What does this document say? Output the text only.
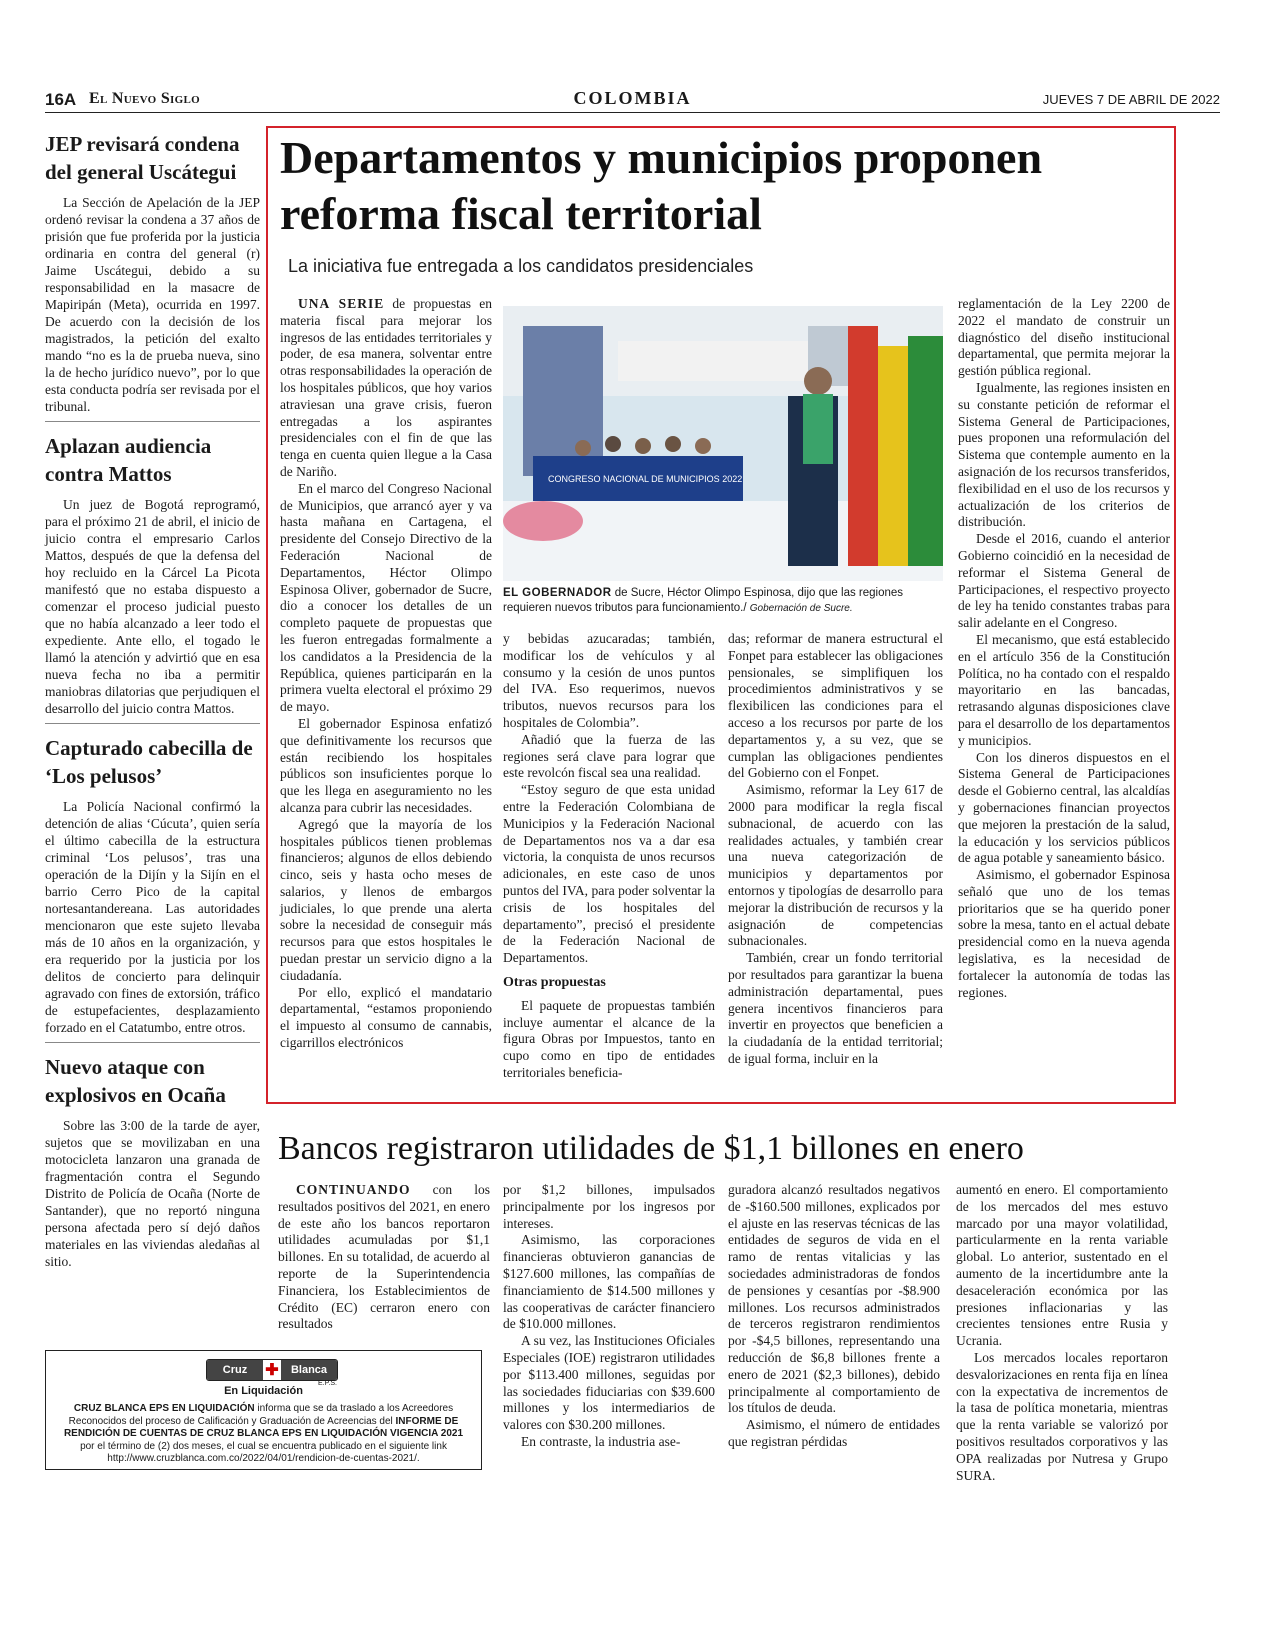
16A El Nuevo Siglo	COLOMBIA	JUEVES 7 DE ABRIL DE 2022
JEP revisará condena del general Uscátegui

La Sección de Apelación de la JEP ordenó revisar la condena a 37 años de prisión que fue proferida por la justicia ordinaria en contra del general (r) Jaime Uscátegui, debido a su responsabilidad en la masacre de Mapiripán (Meta), ocurrida en 1997. De acuerdo con la decisión de los magistrados, la petición del exalto mando “no es la de prueba nueva, sino la de hecho jurídico nuevo”, por lo que esta conducta podría ser revisada por el tribunal.

Aplazan audiencia contra Mattos

Un juez de Bogotá reprogramó, para el próximo 21 de abril, el inicio de juicio contra el empresario Carlos Mattos, después de que la defensa del hoy recluido en la Cárcel La Picota manifestó que no estaba dispuesto a comenzar el proceso judicial puesto que no había alcanzado a leer todo el expediente. Ante ello, el togado le llamó la atención y advirtió que en esa nueva fecha no iba a permitir maniobras dilatorias que perjudiquen el desarrollo del juicio contra Mattos.

Capturado cabecilla de ‘Los pelusos’

La Policía Nacional confirmó la detención de alias ‘Cúcuta’, quien sería el último cabecilla de la estructura criminal ‘Los pelusos’, tras una operación de la Dijín y la Sijín en el barrio Cerro Pico de la capital nortesantandereana. Las autoridades mencionaron que este sujeto llevaba más de 10 años en la organización, y era requerido por la justicia por los delitos de concierto para delinquir agravado con fines de extorsión, tráfico de estupefacientes, desplazamiento forzado en el Catatumbo, entre otros.

Nuevo ataque con explosivos en Ocaña

Sobre las 3:00 de la tarde de ayer, sujetos que se movilizaban en una motocicleta lanzaron una granada de fragmentación contra el Segundo Distrito de Policía de Ocaña (Norte de Santander), que no reportó ninguna persona afectada pero sí dejó daños materiales en las viviendas aledañas al sitio.

Departamentos y municipios proponen reforma fiscal territorial

La iniciativa fue entregada a los candidatos presidenciales

UNA SERIE de propuestas en materia fiscal para mejorar los ingresos de las entidades territoriales y poder, de esa manera, solventar entre otras responsabilidades la operación de los hospitales públicos, que hoy varios atraviesan una grave crisis, fueron entregadas a los aspirantes presidenciales con el fin de que las tenga en cuenta quien llegue a la Casa de Nariño.

En el marco del Congreso Nacional de Municipios, que arrancó ayer y va hasta mañana en Cartagena, el presidente del Consejo Directivo de la Federación Nacional de Departamentos, Héctor Olimpo Espinosa Oliver, gobernador de Sucre, dio a conocer los detalles de un completo paquete de propuestas que les fueron entregadas formalmente a los candidatos a la Presidencia de la República, quienes participarán en la primera vuelta electoral el próximo 29 de mayo.

El gobernador Espinosa enfatizó que definitivamente los recursos que están recibiendo los hospitales públicos son insuficientes porque lo que les llega en aseguramiento no les alcanza para cubrir las necesidades.

Agregó que la mayoría de los hospitales públicos tienen problemas financieros; algunos de ellos debiendo cinco, seis y hasta ocho meses de salarios, y llenos de embargos judiciales, lo que prende una alerta sobre la necesidad de conseguir más recursos para que estos hospitales le puedan prestar un servicio digno a la ciudadanía.

Por ello, explicó el mandatario departamental, “estamos proponiendo el impuesto al consumo de cannabis, cigarrillos electrónicos

CONGRESO NACIONAL DE MUNICIPIOS 2022
EL GOBERNADOR de Sucre, Héctor Olimpo Espinosa, dijo que las regiones requieren nuevos tributos para funcionamiento./ Gobernación de Sucre.

y bebidas azucaradas; también, modificar los de vehículos y al consumo y la cesión de unos puntos del IVA. Eso requerimos, nuevos tributos, nuevos recursos para los hospitales de Colombia”.

Añadió que la fuerza de las regiones será clave para lograr que este revolcón fiscal sea una realidad.

“Estoy seguro de que esta unidad entre la Federación Colombiana de Municipios y la Federación Nacional de Departamentos nos va a dar esa victoria, la conquista de unos recursos adicionales, en este caso de unos puntos del IVA, para poder solventar la crisis de los hospitales del departamento”, precisó el presidente de la Federación Nacional de Departamentos.

Otras propuestas

El paquete de propuestas también incluye aumentar el alcance de la figura Obras por Impuestos, tanto en cupo como en tipo de entidades territoriales beneficia-

das; reformar de manera estructural el Fonpet para establecer las obligaciones pensionales, se simplifiquen los procedimientos administrativos y se flexibilicen las condiciones para el acceso a los recursos por parte de los departamentos y, a su vez, que se cumplan las obligaciones pendientes del Gobierno con el Fonpet.

Asimismo, reformar la Ley 617 de 2000 para modificar la regla fiscal subnacional, de acuerdo con las realidades actuales, y también crear una nueva categorización de municipios y departamentos por entornos y tipologías de desarrollo para mejorar la distribución de recursos y la asignación de competencias subnacionales.

También, crear un fondo territorial por resultados para garantizar la buena administración departamental, pues genera incentivos financieros para invertir en proyectos que beneficien a la ciudadanía de la entidad territorial; de igual forma, incluir en la

reglamentación de la Ley 2200 de 2022 el mandato de construir un diagnóstico del diseño institucional departamental, que permita mejorar la gestión pública regional.

Igualmente, las regiones insisten en su constante petición de reformar el Sistema General de Participaciones, pues proponen una reformulación del Sistema que contemple aumento en la asignación de los recursos transferidos, flexibilidad en el uso de los recursos y actualización de los criterios de distribución.

Desde el 2016, cuando el anterior Gobierno coincidió en la necesidad de reformar el Sistema General de Participaciones, el respectivo proyecto de ley ha tenido constantes trabas para salir adelante en el Congreso.

El mecanismo, que está establecido en el artículo 356 de la Constitución Política, no ha contado con el respaldo mayoritario en las bancadas, retrasando algunas disposiciones clave para el desarrollo de los departamentos y municipios.

Con los dineros dispuestos en el Sistema General de Participaciones desde el Gobierno central, las alcaldías y gobernaciones financian proyectos que mejoren la prestación de la salud, la educación y los servicios públicos de agua potable y saneamiento básico.

Asimismo, el gobernador Espinosa señaló que uno de los temas prioritarios que se ha querido poner sobre la mesa, tanto en el actual debate presidencial como en la nueva agenda legislativa, es la necesidad de fortalecer la autonomía de todas las regiones.

Bancos registraron utilidades de $1,1 billones en enero

CONTINUANDO con los resultados positivos del 2021, en enero de este año los bancos reportaron utilidades acumuladas por $1,1 billones. En su totalidad, de acuerdo al reporte de la Superintendencia Financiera, los Establecimientos de Crédito (EC) cerraron enero con resultados

por $1,2 billones, impulsados principalmente por los ingresos por intereses.

Asimismo, las corporaciones financieras obtuvieron ganancias de $127.600 millones, las compañías de financiamiento de $14.500 millones y las cooperativas de carácter financiero de $10.000 millones.

A su vez, las Instituciones Oficiales Especiales (IOE) registraron utilidades por $113.400 millones, seguidas por las sociedades fiduciarias con $39.600 millones y los intermediarios de valores con $30.200 millones.

En contraste, la industria ase-

guradora alcanzó resultados negativos de -$160.500 millones, explicados por el ajuste en las reservas técnicas de las entidades de seguros de vida en el ramo de rentas vitalicias y las sociedades administradoras de fondos de pensiones y cesantías por -$8.900 millones. Los recursos administrados de terceros registraron rendimientos por -$4,5 billones, representando una reducción de $6,8 billones frente a enero de 2021 ($2,3 billones), debido principalmente al comportamiento de los títulos de deuda.

Asimismo, el número de entidades que registran pérdidas

aumentó en enero. El comportamiento de los mercados del mes estuvo marcado por una mayor volatilidad, particularmente en la renta variable global. Lo anterior, sustentado en el aumento de la incertidumbre ante la desaceleración económica por las presiones inflacionarias y las crecientes tensiones entre Rusia y Ucrania.

Los mercados locales reportaron desvalorizaciones en renta fija en línea con la expectativa de incrementos de la tasa de política monetaria, mientras que la renta variable se valorizó por positivos resultados corporativos y las OPA realizadas por Nutresa y Grupo SURA.

Cruz	✚	Blanca
E.P.S.
En Liquidación
CRUZ BLANCA EPS EN LIQUIDACIÓN informa que se da traslado a los Acreedores Reconocidos del proceso de Calificación y Graduación de Acreencias del INFORME DE RENDICIÓN DE CUENTAS DE CRUZ BLANCA EPS EN LIQUIDACIÓN VIGENCIA 2021 por el término de (2) dos meses, el cual se encuentra publicado en el siguiente link http://www.cruzblanca.com.co/2022/04/01/rendicion-de-cuentas-2021/.
